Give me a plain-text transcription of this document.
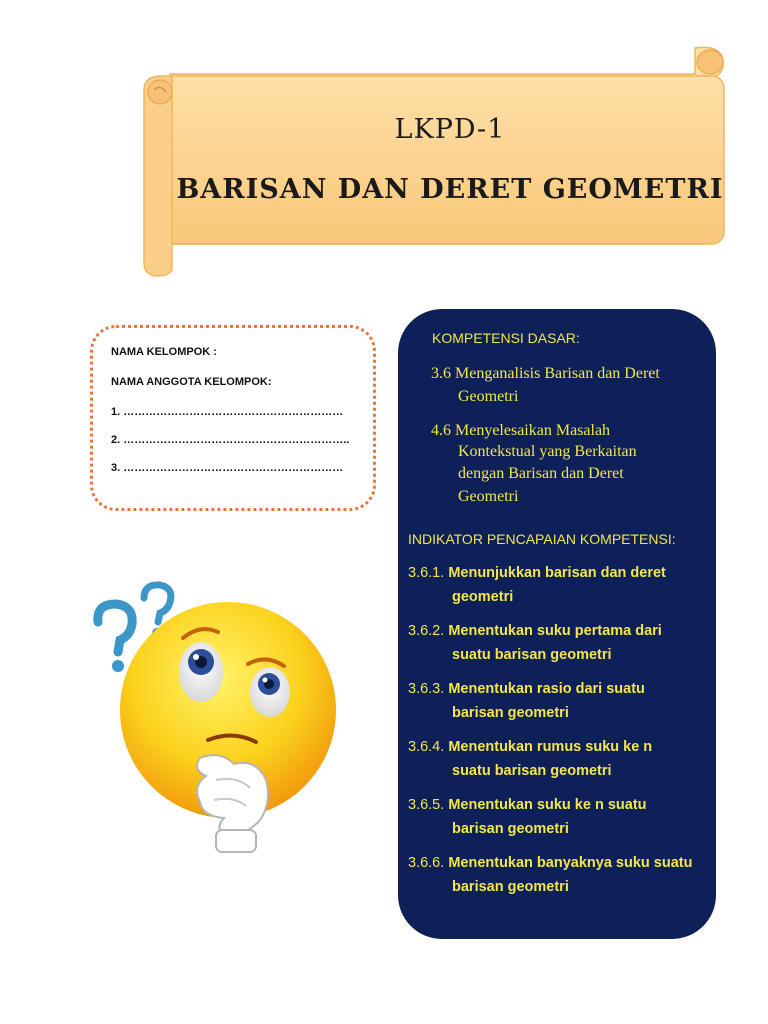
LKPD-1
BARISAN DAN DERET GEOMETRI
NAMA KELOMPOK :
NAMA ANGGOTA KELOMPOK:
1. ……………………………………………………
2. ……………………………………………………..
3. ……………………………………………………
KOMPETENSI DASAR:
3.6 Menganalisis Barisan dan Deret
Geometri
4.6 Menyelesaikan Masalah
Kontekstual yang Berkaitan
dengan Barisan dan Deret
Geometri
INDIKATOR PENCAPAIAN KOMPETENSI:
3.6.1. Menunjukkan barisan dan deret
geometri
3.6.2. Menentukan suku pertama dari
suatu barisan geometri
3.6.3. Menentukan rasio dari suatu
barisan geometri
3.6.4. Menentukan rumus suku ke n
suatu barisan geometri
3.6.5. Menentukan suku ke n suatu
barisan geometri
3.6.6. Menentukan banyaknya suku suatu
barisan geometri
